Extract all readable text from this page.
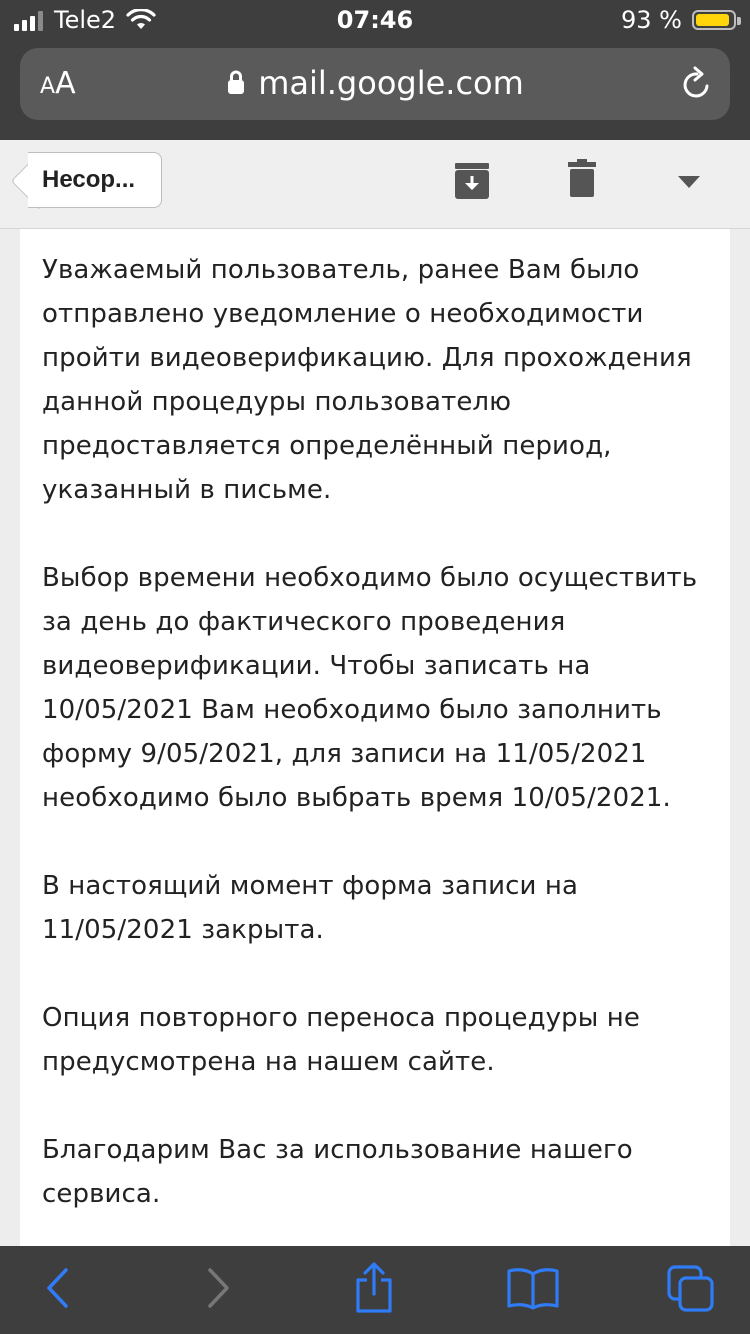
Tele2	07:46	93 %
AA	mail.google.com
Несор...

Уважаемый пользователь, ранее Вам было отправлено уведомление о необходимости пройти видеоверификацию. Для прохождения данной процедуры пользователю предоставляется определённый период, указанный в письме.

Выбор времени необходимо было осуществить за день до фактического проведения видеоверификации. Чтобы записать на 10/05/2021 Вам необходимо было заполнить форму 9/05/2021, для записи на 11/05/2021 необходимо было выбрать время 10/05/2021.

В настоящий момент форма записи на 11/05/2021 закрыта.

Опция повторного переноса процедуры не предусмотрена на нашем сайте.

Благодарим Вас за использование нашего сервиса.
